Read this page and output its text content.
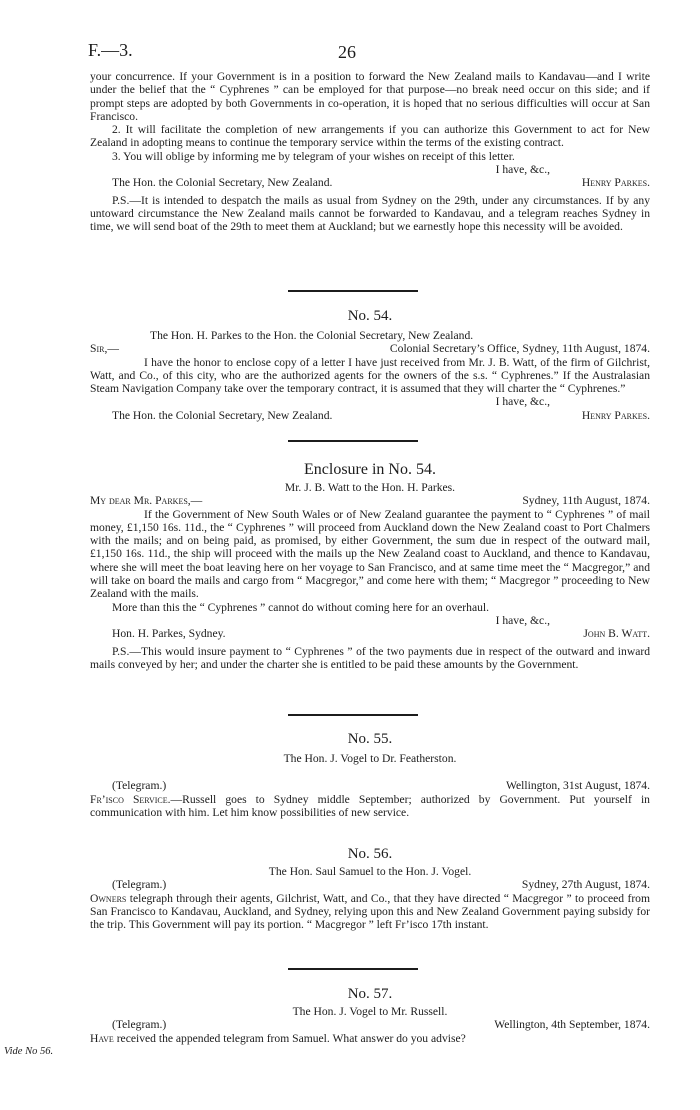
F.—3.	26

your concurrence. If your Government is in a position to forward the New Zealand mails to Kandavau—and I write under the belief that the “ Cyphrenes ” can be employed for that purpose—no break need occur on this side; and if prompt steps are adopted by both Governments in co-operation, it is hoped that no serious difficulties will occur at San Francisco.

2. It will facilitate the completion of new arrangements if you can authorize this Government to act for New Zealand in adopting means to continue the temporary service within the terms of the existing contract.

3. You will oblige by informing me by telegram of your wishes on receipt of this letter.

I have, &c.,

The Hon. the Colonial Secretary, New Zealand.	Henry Parkes.

P.S.—It is intended to despatch the mails as usual from Sydney on the 29th, under any circumstances. If by any untoward circumstance the New Zealand mails cannot be forwarded to Kandavau, and a telegram reaches Sydney in time, we will send boat of the 29th to meet them at Auckland; but we earnestly hope this necessity will be avoided.

No. 54.

The Hon. H. Parkes to the Hon. the Colonial Secretary, New Zealand.

Sir,—	Colonial Secretary’s Office, Sydney, 11th August, 1874.

I have the honor to enclose copy of a letter I have just received from Mr. J. B. Watt, of the firm of Gilchrist, Watt, and Co., of this city, who are the authorized agents for the owners of the s.s. “ Cyphrenes.” If the Australasian Steam Navigation Company take over the temporary contract, it is assumed that they will charter the “ Cyphrenes.”

I have, &c.,

The Hon. the Colonial Secretary, New Zealand.	Henry Parkes.

Enclosure in No. 54.

Mr. J. B. Watt to the Hon. H. Parkes.

My dear Mr. Parkes,—	Sydney, 11th August, 1874.

If the Government of New South Wales or of New Zealand guarantee the payment to “ Cyphrenes ” of mail money, £1,150 16s. 11d., the “ Cyphrenes ” will proceed from Auckland down the New Zealand coast to Port Chalmers with the mails; and on being paid, as promised, by either Government, the sum due in respect of the outward mail, £1,150 16s. 11d., the ship will proceed with the mails up the New Zealand coast to Auckland, and thence to Kandavau, where she will meet the boat leaving here on her voyage to San Francisco, and at same time meet the “ Macgregor,” and will take on board the mails and cargo from “ Macgregor,” and come here with them; “ Macgregor ” proceeding to New Zealand with the mails.

More than this the “ Cyphrenes ” cannot do without coming here for an overhaul.

I have, &c.,

Hon. H. Parkes, Sydney.	John B. Watt.

P.S.—This would insure payment to “ Cyphrenes ” of the two payments due in respect of the outward and inward mails conveyed by her; and under the charter she is entitled to be paid these amounts by the Government.

No. 55.

The Hon. J. Vogel to Dr. Featherston.

(Telegram.)	Wellington, 31st August, 1874.

Fr’isco Service.—Russell goes to Sydney middle September; authorized by Government. Put yourself in communication with him. Let him know possibilities of new service.

No. 56.

The Hon. Saul Samuel to the Hon. J. Vogel.

(Telegram.)	Sydney, 27th August, 1874.

Owners telegraph through their agents, Gilchrist, Watt, and Co., that they have directed “ Macgregor ” to proceed from San Francisco to Kandavau, Auckland, and Sydney, relying upon this and New Zealand Government paying subsidy for the trip. This Government will pay its portion. “ Macgregor ” left Fr’isco 17th instant.

No. 57.

The Hon. J. Vogel to Mr. Russell.

(Telegram.)	Wellington, 4th September, 1874.

Have received the appended telegram from Samuel. What answer do you advise?

Vide No 56.
